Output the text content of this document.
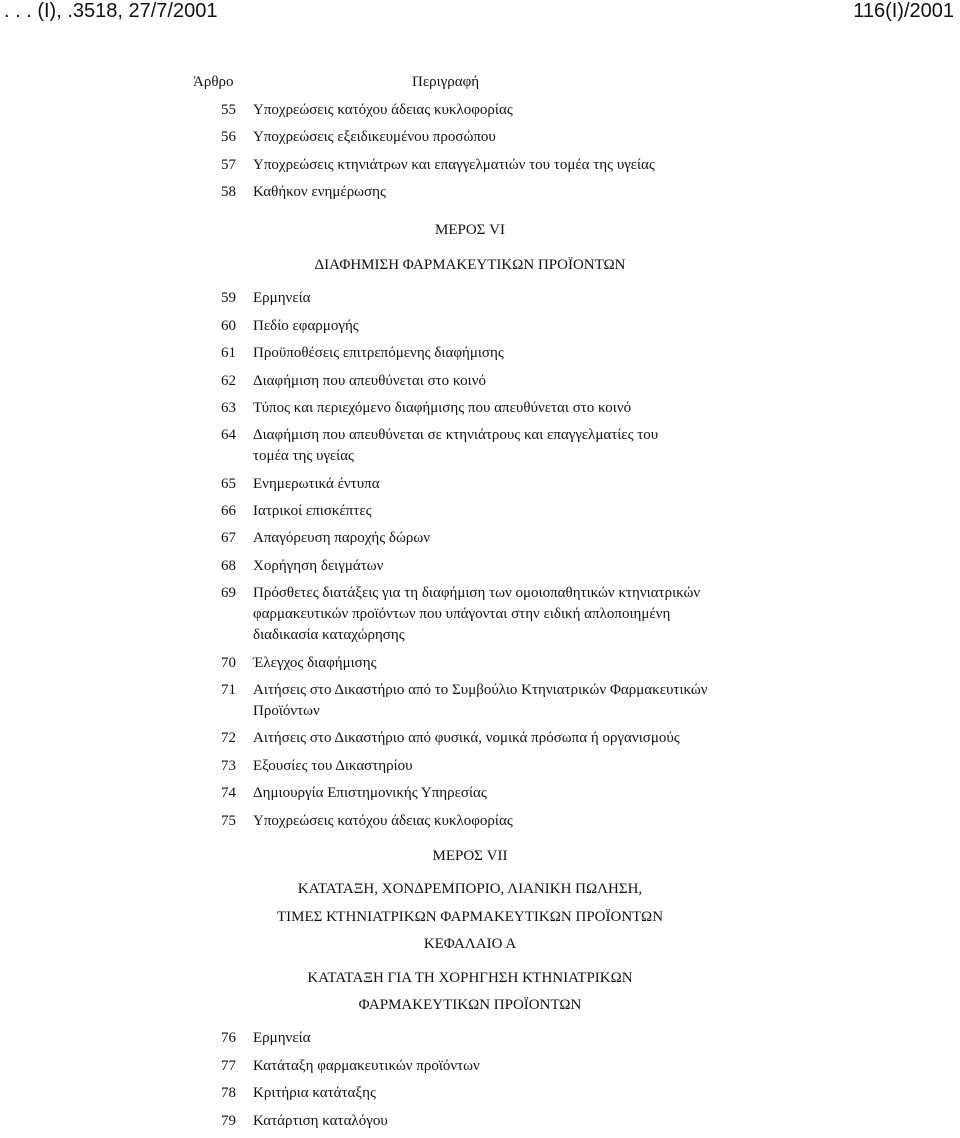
. . . (I), .3518, 27/7/2001	116(I)/2001
Άρθρο	Περιγραφή
55 Υποχρεώσεις κατόχου άδειας κυκλοφορίας
56 Υποχρεώσεις εξειδικευμένου προσώπου
57 Υποχρεώσεις κτηνιάτρων και επαγγελματιών του τομέα της υγείας
58 Καθήκον ενημέρωσης
ΜΕΡΟΣ VI
ΔΙΑΦΗΜΙΣΗ ΦΑΡΜΑΚΕΥΤΙΚΩΝ ΠΡΟΪΟΝΤΩΝ
59 Ερμηνεία
60 Πεδίο εφαρμογής
61 Προϋποθέσεις επιτρεπόμενης διαφήμισης
62 Διαφήμιση που απευθύνεται στο κοινό
63 Τύπος και περιεχόμενο διαφήμισης που απευθύνεται στο κοινό
64 Διαφήμιση που απευθύνεται σε κτηνιάτρους και επαγγελματίες του
τομέα της υγείας
65 Ενημερωτικά έντυπα
66 Ιατρικοί επισκέπτες
67 Απαγόρευση παροχής δώρων
68 Χορήγηση δειγμάτων
69 Πρόσθετες διατάξεις για τη διαφήμιση των ομοιοπαθητικών κτηνιατρικών
φαρμακευτικών προϊόντων που υπάγονται στην ειδική απλοποιημένη
διαδικασία καταχώρησης
70 Έλεγχος διαφήμισης
71 Αιτήσεις στο Δικαστήριο από το Συμβούλιο Κτηνιατρικών Φαρμακευτικών
Προϊόντων
72 Αιτήσεις στο Δικαστήριο από φυσικά, νομικά πρόσωπα ή οργανισμούς
73 Εξουσίες του Δικαστηρίου
74 Δημιουργία Επιστημονικής Υπηρεσίας
75 Υποχρεώσεις κατόχου άδειας κυκλοφορίας
ΜΕΡΟΣ VII
ΚΑΤΑΤΑΞΗ, ΧΟΝΔΡΕΜΠΟΡΙΟ, ΛΙΑΝΙΚΗ ΠΩΛΗΣΗ,
ΤΙΜΕΣ ΚΤΗΝΙΑΤΡΙΚΩΝ ΦΑΡΜΑΚΕΥΤΙΚΩΝ ΠΡΟΪΟΝΤΩΝ
ΚΕΦΑΛΑΙΟ Α
ΚΑΤΑΤΑΞΗ ΓΙΑ ΤΗ ΧΟΡΗΓΗΣΗ ΚΤΗΝΙΑΤΡΙΚΩΝ
ΦΑΡΜΑΚΕΥΤΙΚΩΝ ΠΡΟΪΟΝΤΩΝ
76 Ερμηνεία
77 Κατάταξη φαρμακευτικών προϊόντων
78 Κριτήρια κατάταξης
79 Κατάρτιση καταλόγου
